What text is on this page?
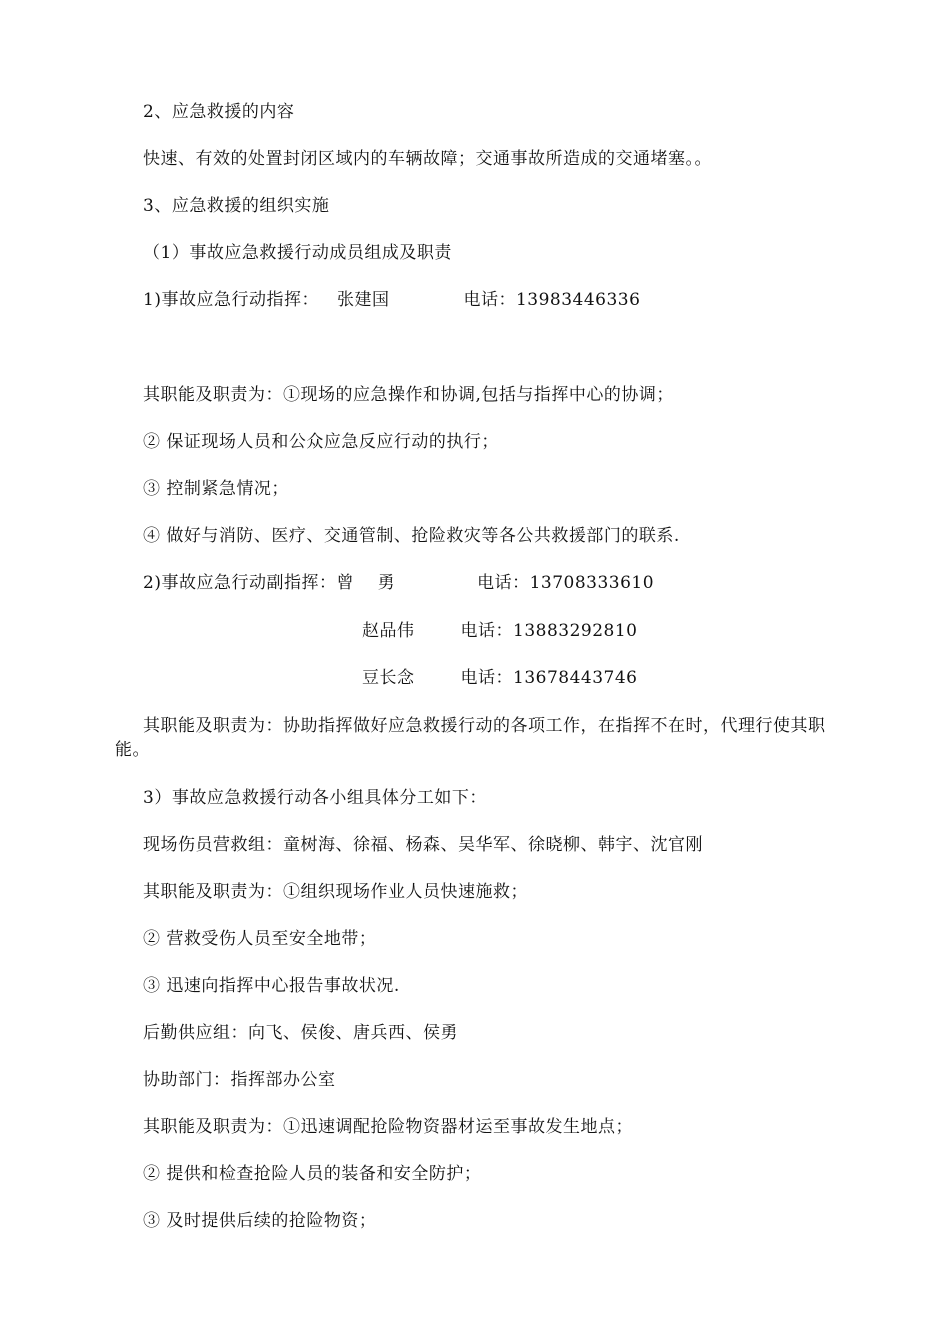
2、应急救援的内容
快速、有效的处置封闭区域内的车辆故障；交通事故所造成的交通堵塞。。
3、应急救援的组织实施
（1）事故应急救援行动成员组成及职责
1)事故应急行动指挥： 张建国	电话：13983446336
其职能及职责为：①现场的应急操作和协调,包括与指挥中心的协调；
② 保证现场人员和公众应急反应行动的执行；
③ 控制紧急情况；
④ 做好与消防、医疗、交通管制、抢险救灾等各公共救援部门的联系.
2)事故应急行动副指挥：曾    勇	电话：13708333610
赵品伟	电话：13883292810
豆长念	电话：13678443746
其职能及职责为：协助指挥做好应急救援行动的各项工作，在指挥不在时，代理行使其职能。
3）事故应急救援行动各小组具体分工如下：
现场伤员营救组：童树海、徐福、杨森、吴华军、徐晓柳、韩宇、沈官刚
其职能及职责为：①组织现场作业人员快速施救；
② 营救受伤人员至安全地带；
③ 迅速向指挥中心报告事故状况.
后勤供应组：向飞、侯俊、唐兵西、侯勇
协助部门：指挥部办公室
其职能及职责为：①迅速调配抢险物资器材运至事故发生地点；
② 提供和检查抢险人员的装备和安全防护；
③ 及时提供后续的抢险物资；
